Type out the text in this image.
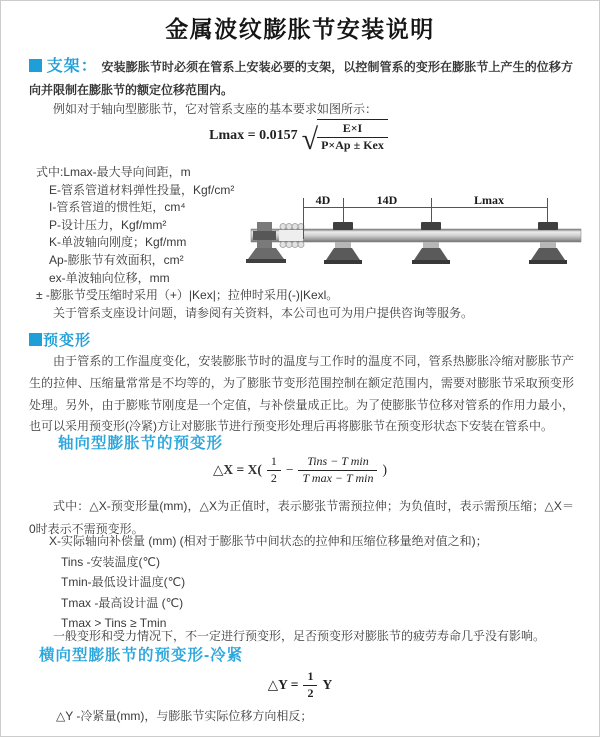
金属波纹膨胀节安装说明

支架： 安装膨胀节时必须在管系上安装必要的支架，以控制管系的变形在膨胀节上产生的位移方向并限制在膨胀节的额定位移范围内。

例如对于轴向型膨胀节，它对管系支座的基本要求如图所示：
Lmax = 0.0157 √ $\frac{E\times I}{\text{P×Ap ± Kex}}$
式中:Lmax-最大导向间距，m
E-管系管道材料弹性投量，Kgf/cm²
I-管系管道的惯性矩，cm⁴
P-设计压力，Kgf/mm²
K-单波轴向刚度；Kgf/mm
Ap-膨胀节有效面积，cm²
ex-单波轴向位移，mm
± -膨胀节受压缩时采用（+）|Kex|；拉伸时采用(-)|Kexl。
关于管系支座设计问题，请参阅有关资料，本公司也可为用户提供咨询等服务。
4D	14D	Lmax
预变形

由于管系的工作温度变化，安装膨胀节时的温度与工作时的温度不同，管系热膨胀冷缩对膨胀节产生的拉伸、压缩量常常是不均等的，为了膨胀节变形范围控制在额定范围内，需要对膨胀节采取预变形处理。另外，由于膨账节刚度是一个定值，与补偿量成正比。为了使膨胀节位移对管系的作用力最小，也可以采用预变形(冷紧)方让对膨胀节进行预变形处理后再将膨胀节在预变形状态下安装在管系中。

轴向型膨胀节的预变形
△X = $X( \frac{1}{2} - \frac{\text{Tins − T min}}{\text{T max − T min}}$ )

式中：△X-预变形量(mm)，△X为正值时，表示膨张节需预拉伸；为负值时，表示需预压缩；△X＝0时表示不需预变形。

X-实际轴向补偿量 (mm) (相对于膨胀节中间状态的拉伸和压缩位移量绝对值之和)；
Tins -安装温度(℃)
Tmin-最低设计温度(℃)
Tmax -最高设计温 (℃)
Tmax > Tins ≥ Tmin
一般变形和受力情况下，不一定进行预变形，足否预变形对膨胀节的疲劳寿命几乎没有影响。
横向型膨胀节的预变形-冷紧
△Y = $\frac{1}{2}$ Y
△Y -冷紧量(mm)，与膨胀节实际位移方向相反；
